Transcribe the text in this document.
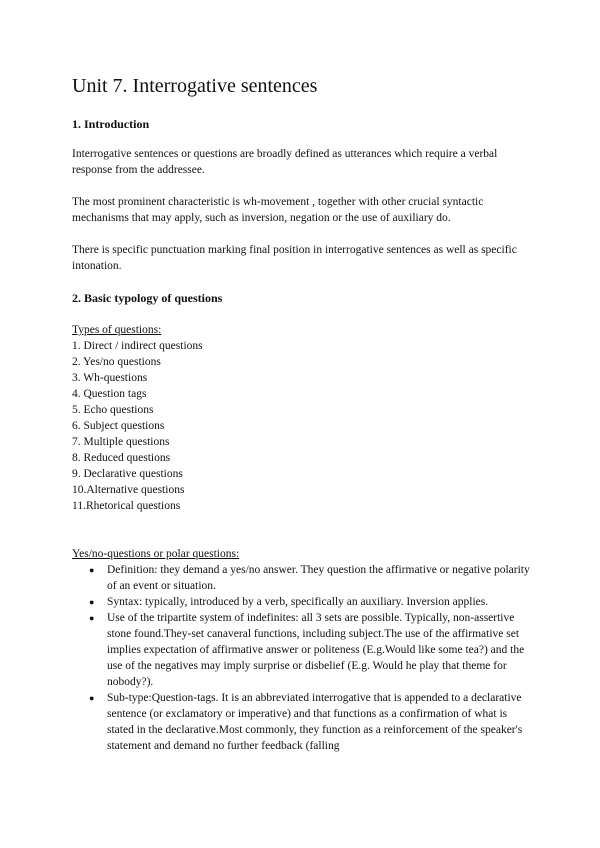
Unit 7. Interrogative sentences
1. Introduction

Interrogative sentences or questions are broadly defined as utterances which require a verbal response from the addressee.

The most prominent characteristic is wh-movement , together with other crucial syntactic mechanisms that may apply, such as inversion, negation or the use of auxiliary do.

There is specific punctuation marking final position in interrogative sentences as well as specific intonation.

2. Basic typology of questions
Types of questions:
1. Direct / indirect questions
2. Yes/no questions
3. Wh-questions
4. Question tags
5. Echo questions
6. Subject questions
7. Multiple questions
8. Reduced questions
9. Declarative questions
10.Alternative questions
11.Rhetorical questions
Yes/no-questions or polar questions:
● Definition: they demand a yes/no answer. They question the affirmative or negative polarity of an event or situation.
● Syntax: typically, introduced by a verb, specifically an auxiliary. Inversion applies.
● Use of the tripartite system of indefinites: all 3 sets are possible. Typically, non-assertive stone found.They-set canaveral functions, including subject.The use of the affirmative set implies expectation of affirmative answer or politeness (E.g.Would like some tea?) and the use of the negatives may imply surprise or disbelief (E.g. Would he play that theme for nobody?).
● Sub-type:Question-tags. It is an abbreviated interrogative that is appended to a declarative sentence (or exclamatory or imperative) and that functions as a confirmation of what is stated in the declarative.Most commonly, they function as a reinforcement of the speaker's statement and demand no further feedback (falling
